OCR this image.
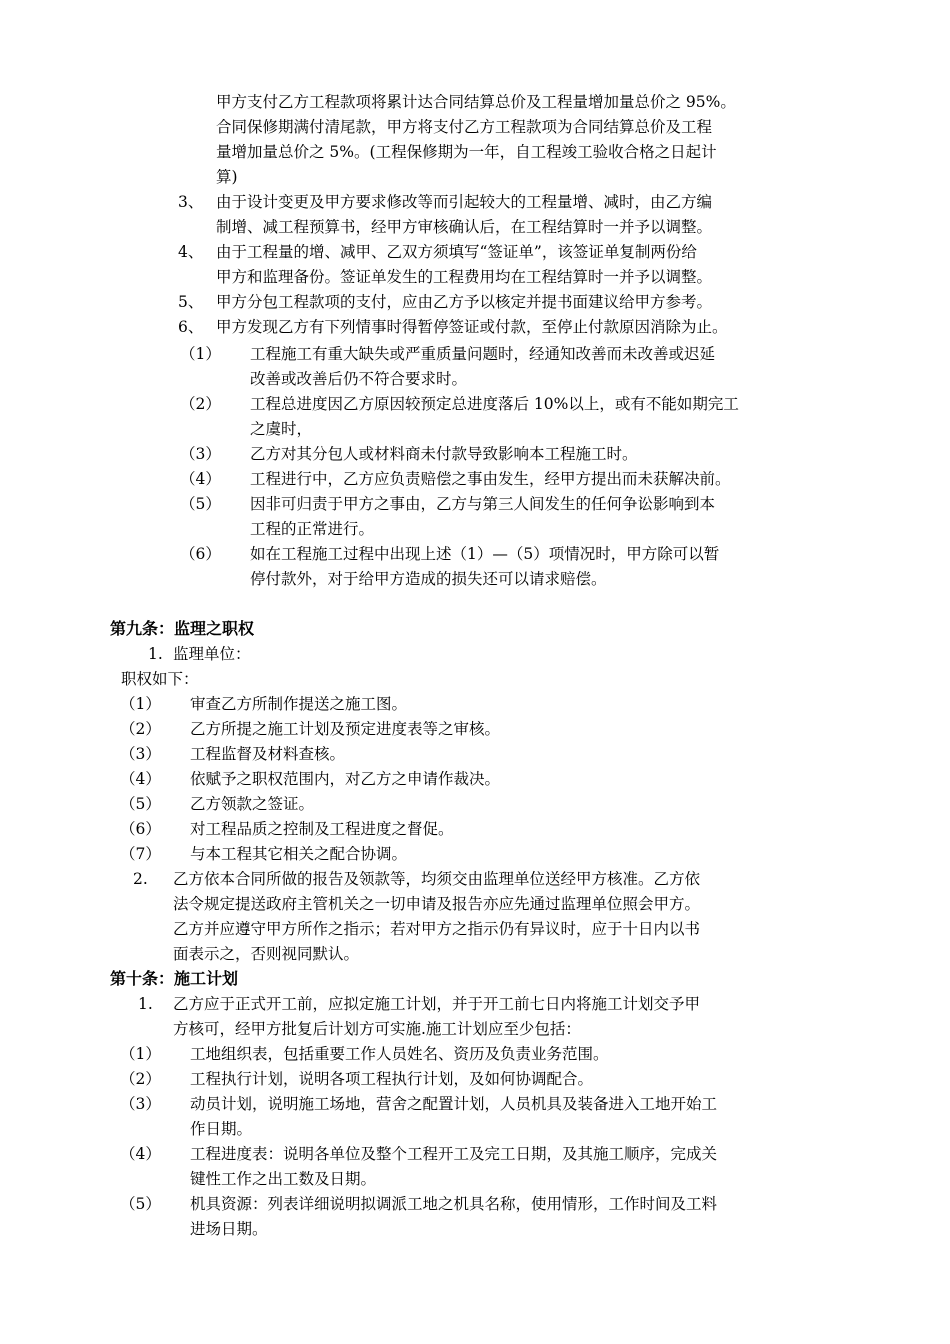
甲方支付乙方工程款项将累计达合同结算总价及工程量增加量总价之 95%。
合同保修期满付清尾款，甲方将支付乙方工程款项为合同结算总价及工程
量增加量总价之 5%。(工程保修期为一年，自工程竣工验收合格之日起计
算)
3、 由于设计变更及甲方要求修改等而引起较大的工程量增、减时，由乙方编
制增、减工程预算书，经甲方审核确认后，在工程结算时一并予以调整。
4、 由于工程量的增、减甲、乙双方须填写“签证单”，该签证单复制两份给
甲方和监理备份。签证单发生的工程费用均在工程结算时一并予以调整。
5、 甲方分包工程款项的支付，应由乙方予以核定并提书面建议给甲方参考。
6、 甲方发现乙方有下列情事时得暂停签证或付款，至停止付款原因消除为止。
（1） 工程施工有重大缺失或严重质量问题时，经通知改善而未改善或迟延
改善或改善后仍不符合要求时。
（2） 工程总进度因乙方原因较预定总进度落后 10%以上，或有不能如期完工
之虞时，
（3） 乙方对其分包人或材料商未付款导致影响本工程施工时。
（4） 工程进行中，乙方应负责赔偿之事由发生，经甲方提出而未获解决前。
（5） 因非可归责于甲方之事由，乙方与第三人间发生的任何争讼影响到本
工程的正常进行。
（6） 如在工程施工过程中出现上述（1）—（5）项情况时，甲方除可以暂
停付款外，对于给甲方造成的损失还可以请求赔偿。
第九条：监理之职权
1. 监理单位：
职权如下：
（1） 审查乙方所制作提送之施工图。
（2） 乙方所提之施工计划及预定进度表等之审核。
（3） 工程监督及材料查核。
（4） 依赋予之职权范围内，对乙方之申请作裁决。
（5） 乙方领款之签证。
（6） 对工程品质之控制及工程进度之督促。
（7） 与本工程其它相关之配合协调。
2. 乙方依本合同所做的报告及领款等，均须交由监理单位送经甲方核准。乙方依
法令规定提送政府主管机关之一切申请及报告亦应先通过监理单位照会甲方。
乙方并应遵守甲方所作之指示；若对甲方之指示仍有异议时，应于十日内以书
面表示之，否则视同默认。
第十条：施工计划
1. 乙方应于正式开工前，应拟定施工计划，并于开工前七日内将施工计划交予甲
方核可，经甲方批复后计划方可实施.施工计划应至少包括：
（1） 工地组织表，包括重要工作人员姓名、资历及负责业务范围。
（2） 工程执行计划，说明各项工程执行计划，及如何协调配合。
（3） 动员计划，说明施工场地，营舍之配置计划，人员机具及装备进入工地开始工
作日期。
（4） 工程进度表：说明各单位及整个工程开工及完工日期，及其施工顺序，完成关
键性工作之出工数及日期。
（5） 机具资源：列表详细说明拟调派工地之机具名称，使用情形，工作时间及工料
进场日期。
